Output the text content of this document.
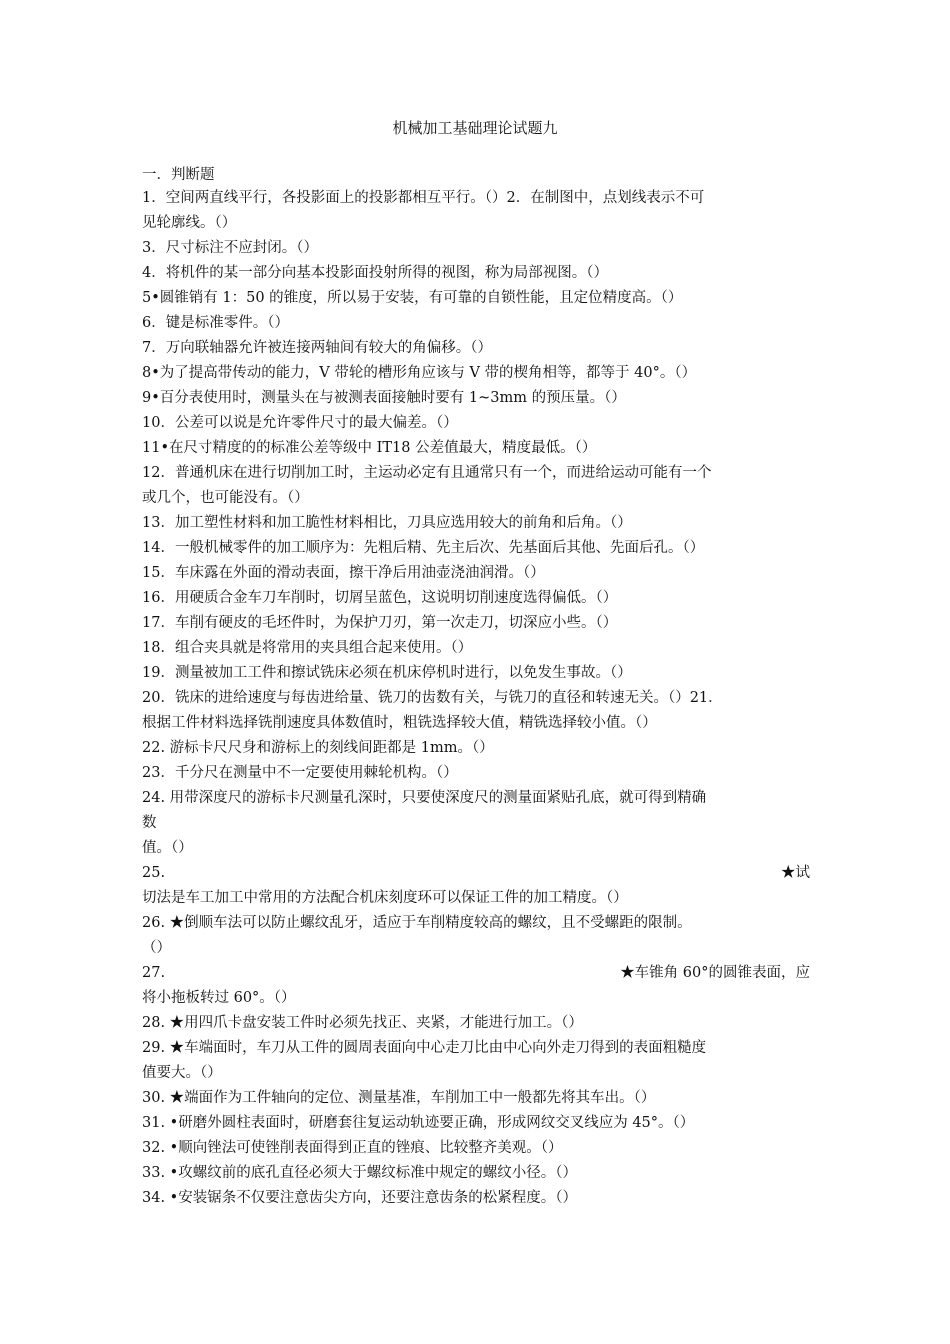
机械加工基础理论试题九
一．判断题
1．空间两直线平行，各投影面上的投影都相互平行。（）2．在制图中，点划线表示不可
见轮廓线。（）
3．尺寸标注不应封闭。（）
4．将机件的某一部分向基本投影面投射所得的视图，称为局部视图。（）
5•圆锥销有 1：50 的锥度，所以易于安装，有可靠的自锁性能，且定位精度高。（）
6．键是标准零件。（）
7．万向联轴器允许被连接两轴间有较大的角偏移。（）
8•为了提高带传动的能力，V 带轮的槽形角应该与 V 带的楔角相等，都等于 40°。（）
9•百分表使用时，测量头在与被测表面接触时要有 1~3mm 的预压量。（）
10．公差可以说是允许零件尺寸的最大偏差。（）
11•在尺寸精度的的标准公差等级中 IT18 公差值最大，精度最低。（）
12．普通机床在进行切削加工时，主运动必定有且通常只有一个，而进给运动可能有一个
或几个，也可能没有。（）
13．加工塑性材料和加工脆性材料相比，刀具应选用较大的前角和后角。（）
14．一般机械零件的加工顺序为：先粗后精、先主后次、先基面后其他、先面后孔。（）
15．车床露在外面的滑动表面，擦干净后用油壶浇油润滑。（）
16．用硬质合金车刀车削时，切屑呈蓝色，这说明切削速度选得偏低。（）
17．车削有硬皮的毛坯件时，为保护刀刃，第一次走刀，切深应小些。（）
18．组合夹具就是将常用的夹具组合起来使用。（）
19．测量被加工工件和擦试铣床必须在机床停机时进行，以免发生事故。（）
20．铣床的进给速度与每齿进给量、铣刀的齿数有关，与铣刀的直径和转速无关。（）21．
根据工件材料选择铣削速度具体数值时，粗铣选择较大值，精铣选择较小值。（）
22. 游标卡尺尺身和游标上的刻线间距都是 1mm。（）
23．千分尺在测量中不一定要使用棘轮机构。（）
24. 用带深度尺的游标卡尺测量孔深时，只要使深度尺的测量面紧贴孔底，就可得到精确
数
值。（）
25.	★试
切法是车工加工中常用的方法配合机床刻度环可以保证工件的加工精度。（）
26. ★倒顺车法可以防止螺纹乱牙，适应于车削精度较高的螺纹，且不受螺距的限制。
（）
27.	★车锥角 60°的圆锥表面，应
将小拖板转过 60°。（）
28. ★用四爪卡盘安装工件时必须先找正、夹紧，才能进行加工。（）
29. ★车端面时，车刀从工件的圆周表面向中心走刀比由中心向外走刀得到的表面粗糙度
值要大。（）
30. ★端面作为工件轴向的定位、测量基准，车削加工中一般都先将其车出。（）
31. •研磨外圆柱表面时，研磨套往复运动轨迹要正确，形成网纹交叉线应为 45°。（）
32. •顺向锉法可使锉削表面得到正直的锉痕、比较整齐美观。（）
33. •攻螺纹前的底孔直径必须大于螺纹标准中规定的螺纹小径。（）
34. •安装锯条不仅要注意齿尖方向，还要注意齿条的松紧程度。（）
